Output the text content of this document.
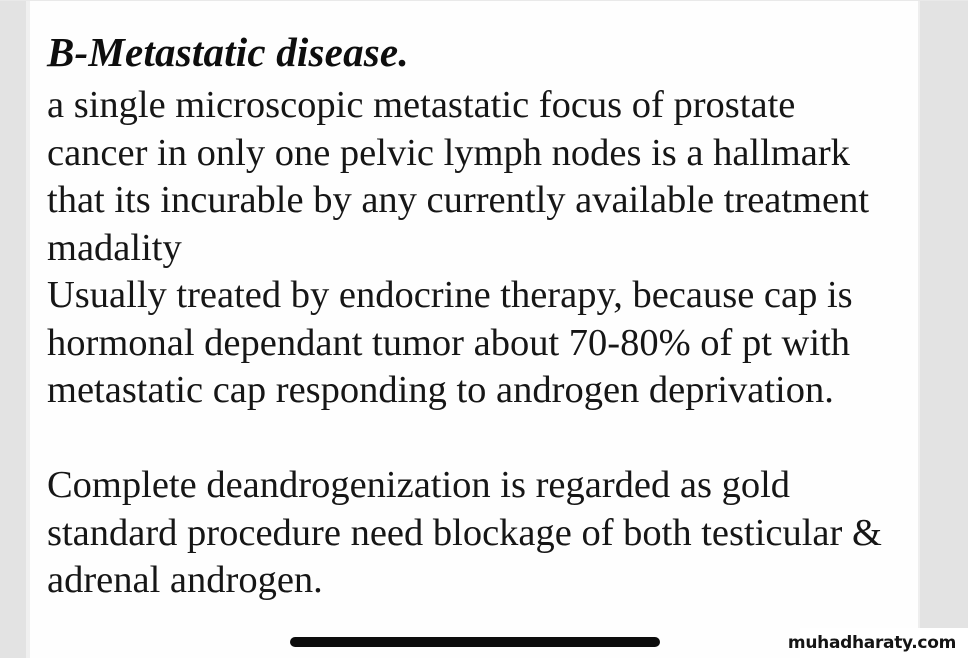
B-Metastatic disease.
a single microscopic metastatic focus of prostate
cancer in only one pelvic lymph nodes is a hallmark
that its incurable by any currently available treatment
madality
Usually treated by endocrine therapy, because cap is
hormonal dependant tumor about 70-80% of pt with
metastatic cap responding to androgen deprivation.
Complete deandrogenization is regarded as gold
standard procedure need blockage of both testicular &
adrenal androgen.
muhadharaty.com
